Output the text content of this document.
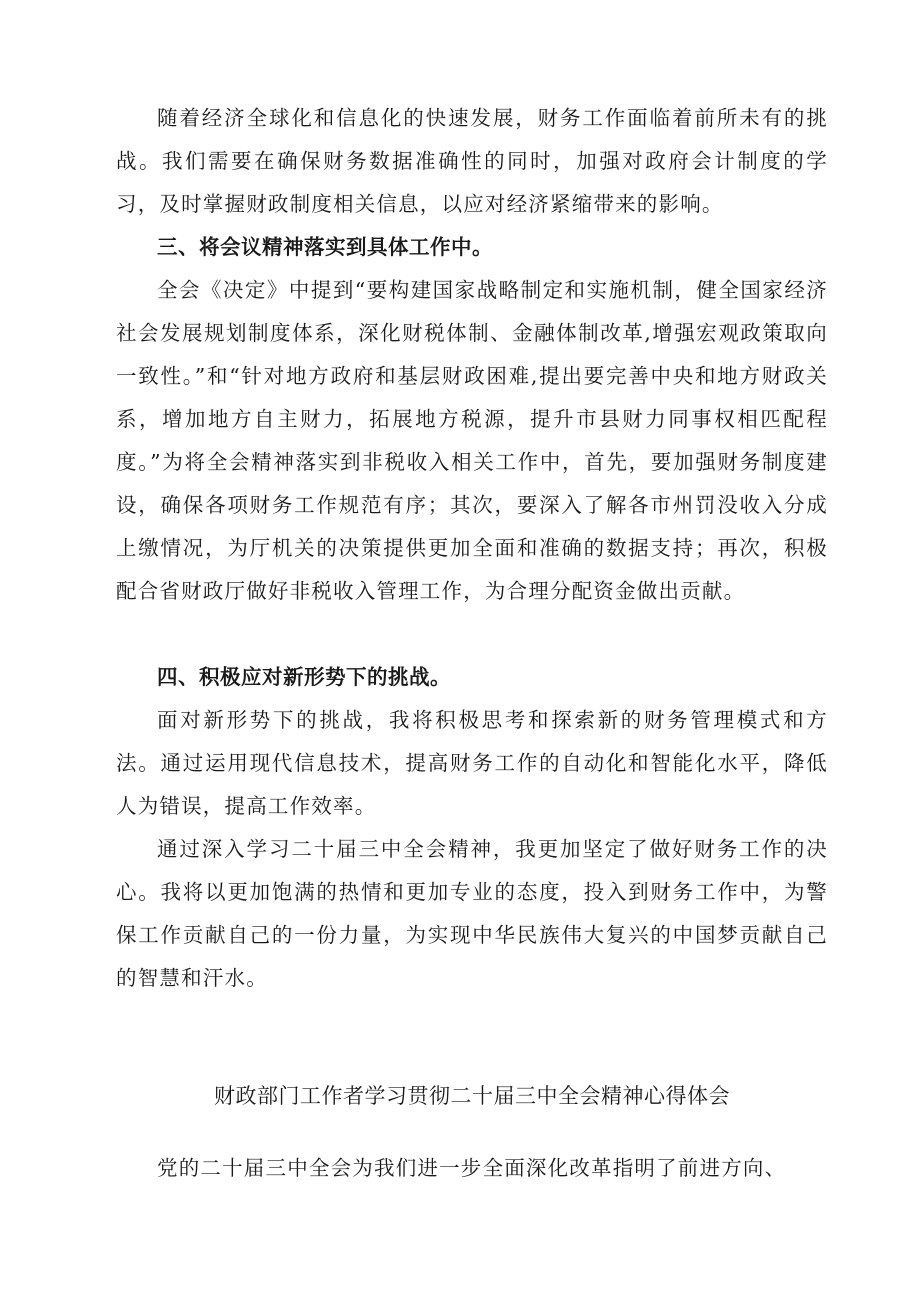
随着经济全球化和信息化的快速发展，财务工作面临着前所未有的挑战。我们需要在确保财务数据准确性的同时，加强对政府会计制度的学习，及时掌握财政制度相关信息，以应对经济紧缩带来的影响。

三、将会议精神落实到具体工作中。

全会《决定》中提到“要构建国家战略制定和实施机制，健全国家经济社会发展规划制度体系，深化财税体制、金融体制改革,增强宏观政策取向一致性。”和“针对地方政府和基层财政困难,提出要完善中央和地方财政关系，增加地方自主财力，拓展地方税源，提升市县财力同事权相匹配程度。”为将全会精神落实到非税收入相关工作中，首先，要加强财务制度建设，确保各项财务工作规范有序；其次，要深入了解各市州罚没收入分成上缴情况，为厅机关的决策提供更加全面和准确的数据支持；再次，积极配合省财政厅做好非税收入管理工作，为合理分配资金做出贡献。

四、积极应对新形势下的挑战。

面对新形势下的挑战，我将积极思考和探索新的财务管理模式和方法。通过运用现代信息技术，提高财务工作的自动化和智能化水平，降低人为错误，提高工作效率。

通过深入学习二十届三中全会精神，我更加坚定了做好财务工作的决心。我将以更加饱满的热情和更加专业的态度，投入到财务工作中，为警保工作贡献自己的一份力量，为实现中华民族伟大复兴的中国梦贡献自己的智慧和汗水。

财政部门工作者学习贯彻二十届三中全会精神心得体会

党的二十届三中全会为我们进一步全面深化改革指明了前进方向、
